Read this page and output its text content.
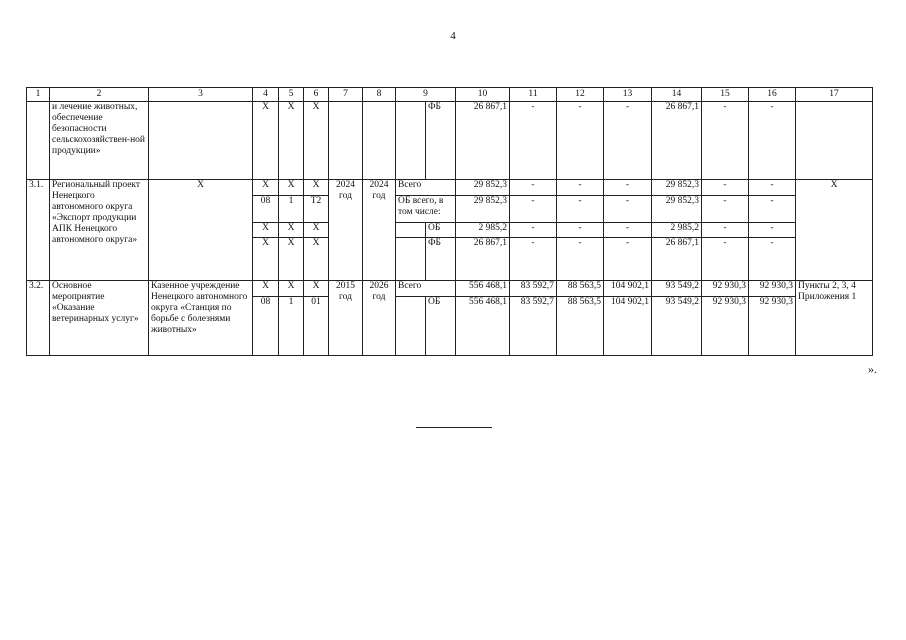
4
1	2	3	4	5	6	7	8	9		10	11	12	13	14	15	16	17
	и лечение животных, обеспечение безопасности сельскохозяйствен-ной продукции»		Х	Х	Х				ФБ	26 867,1	-	-	-	26 867,1	-	-	
3.1.	Региональный проект Ненецкого автономного округа «Экспорт продукции АПК Ненецкого автономного округа»	Х	Х	Х	Х	2024 год	2024 год	Всего		29 852,3	-	-	-	29 852,3	-	-	Х
			08	1	Т2			ОБ всего, в том числе:		29 852,3	-	-	-	29 852,3	-	-	
			Х	Х	Х				ОБ	2 985,2	-	-	-	2 985,2	-	-	
			Х	Х	Х				ФБ	26 867,1	-	-	-	26 867,1	-	-	
3.2.	Основное мероприятие «Оказание ветеринарных услуг»	Казенное учреждение Ненецкого автономного округа «Станция по борьбе с болезнями животных»	Х	Х	Х	2015 год	2026 год	Всего		556 468,1	83 592,7	88 563,5	104 902,1	93 549,2	92 930,3	92 930,3	Пункты 2, 3, 4 Приложения 1
			08	1	01				ОБ	556 468,1	83 592,7	88 563,5	104 902,1	93 549,2	92 930,3	92 930,3	
».
